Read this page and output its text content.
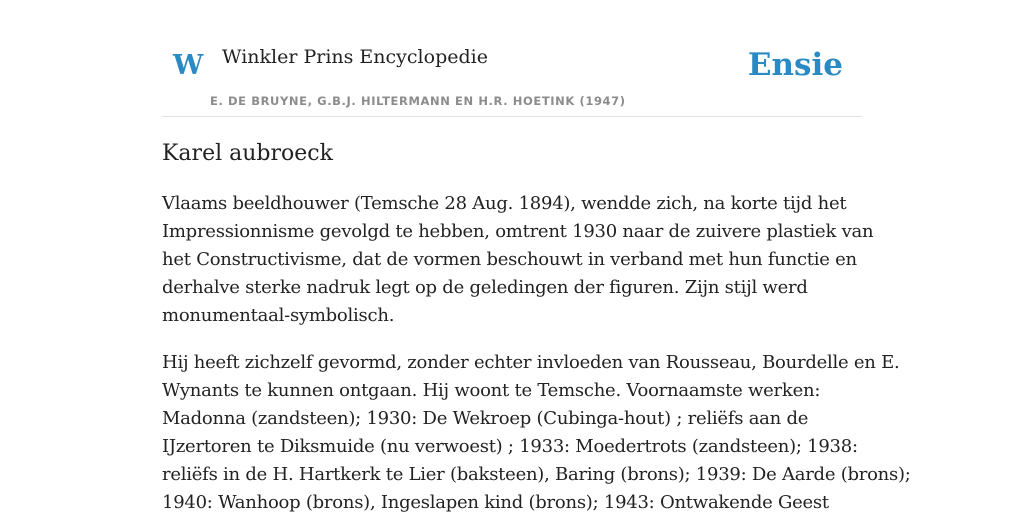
W Winkler Prins Encyclopedie
E. DE BRUYNE, G.B.J. HILTERMANN EN H.R. HOETINK (1947)
Ensie
Karel aubroeck

Vlaams beeldhouwer (Temsche 28 Aug. 1894), wendde zich, na korte tijd het
Impressionnisme gevolgd te hebben, omtrent 1930 naar de zuivere plastiek van
het Constructivisme, dat de vormen beschouwt in verband met hun functie en
derhalve sterke nadruk legt op de geledingen der figuren. Zijn stijl werd
monumentaal-symbolisch.

Hij heeft zichzelf gevormd, zonder echter invloeden van Rousseau, Bourdelle en E.
Wynants te kunnen ontgaan. Hij woont te Temsche. Voornaamste werken:
Madonna (zandsteen); 1930: De Wekroep (Cubinga-hout) ; reliëfs aan de
IJzertoren te Diksmuide (nu verwoest) ; 1933: Moedertrots (zandsteen); 1938:
reliëfs in de H. Hartkerk te Lier (baksteen), Baring (brons); 1939: De Aarde (brons);
1940: Wanhoop (brons), Ingeslapen kind (brons); 1943: Ontwakende Geest
